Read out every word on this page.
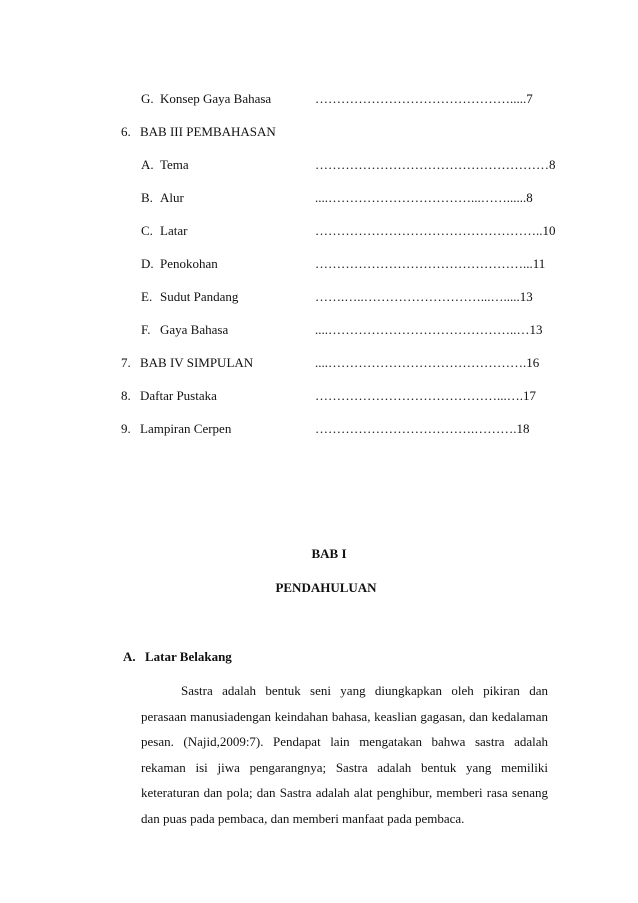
G. Konsep Gaya Bahasa	……………………………………….....7
6. BAB III PEMBAHASAN
A. Tema	………………………………………………8
B. Alur	....……………………………...……......8
C. Latar	……………………………………………..10
D. Penokohan	…………………………………………...11
E. Sudut Pandang	…….…..………………………...….....13
F. Gaya Bahasa	....……………………………………..…13
7. BAB IV SIMPULAN	....……………………………………….16
8. Daftar Pustaka	……………………………………...….17
9. Lampiran Cerpen	……………………………….……….18
BAB I
PENDAHULUAN
A. Latar Belakang

Sastra adalah bentuk seni yang diungkapkan oleh pikiran dan perasaan manusiadengan keindahan bahasa, keaslian gagasan, dan kedalaman pesan. (Najid,2009:7). Pendapat lain mengatakan bahwa sastra adalah rekaman isi jiwa pengarangnya; Sastra adalah bentuk yang memiliki keteraturan dan pola; dan Sastra adalah alat penghibur, memberi rasa senang dan puas pada pembaca, dan memberi manfaat pada pembaca.
